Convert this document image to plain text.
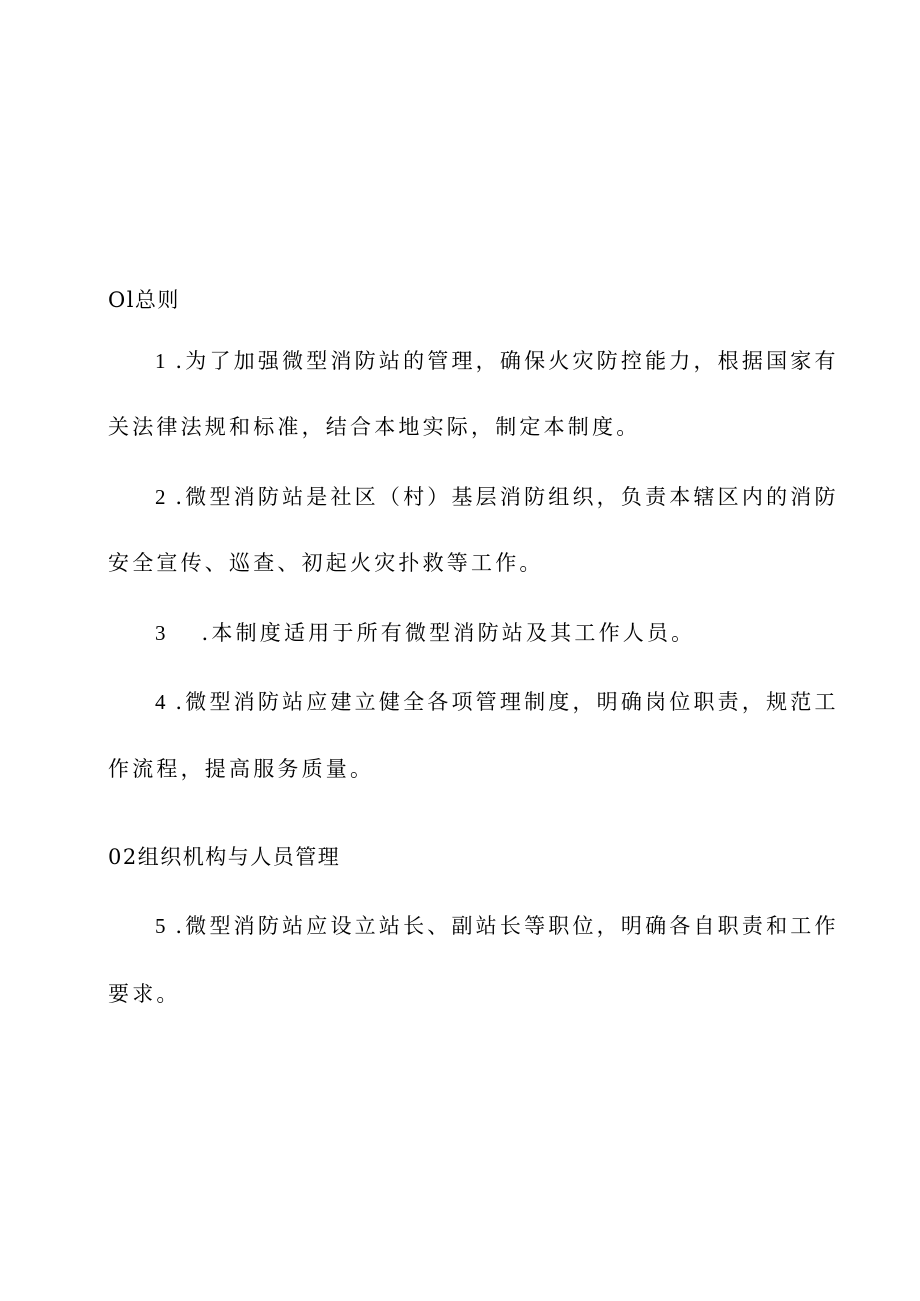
Ol总则
1 .为了加强微型消防站的管理，确保火灾防控能力，根据国家有
关法律法规和标准，结合本地实际，制定本制度。
2 .微型消防站是社区（村）基层消防组织，负责本辖区内的消防
安全宣传、巡查、初起火灾扑救等工作。
3 .本制度适用于所有微型消防站及其工作人员。
4 .微型消防站应建立健全各项管理制度，明确岗位职责，规范工
作流程，提高服务质量。
02组织机构与人员管理
5 .微型消防站应设立站长、副站长等职位，明确各自职责和工作
要求。
